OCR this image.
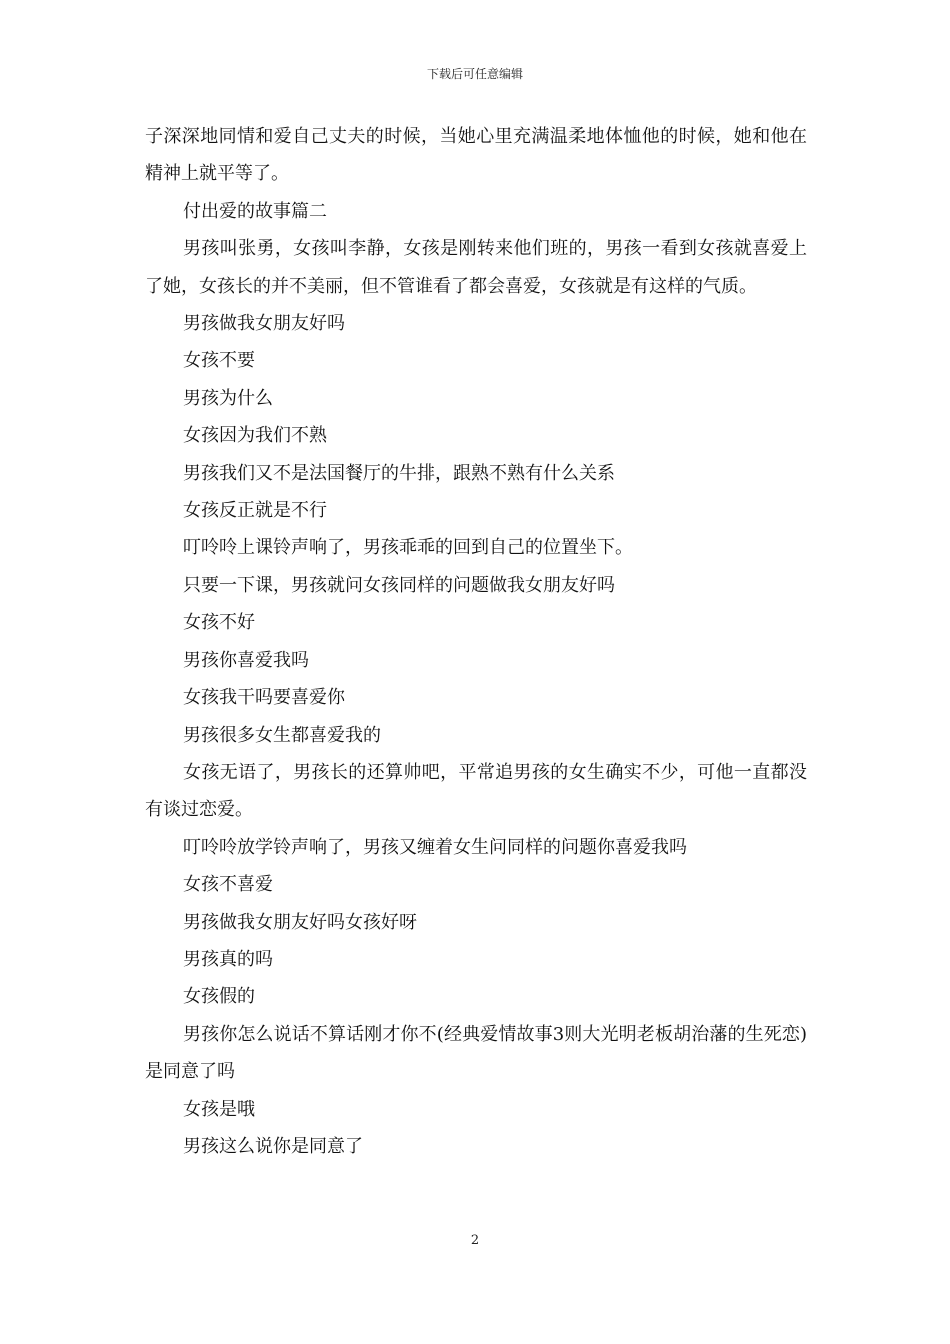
下载后可任意编辑

子深深地同情和爱自己丈夫的时候，当她心里充满温柔地体恤他的时候，她和他在精神上就平等了。

付出爱的故事篇二

男孩叫张勇，女孩叫李静，女孩是刚转来他们班的，男孩一看到女孩就喜爱上了她，女孩长的并不美丽，但不管谁看了都会喜爱，女孩就是有这样的气质。

男孩做我女朋友好吗

女孩不要

男孩为什么

女孩因为我们不熟

男孩我们又不是法国餐厅的牛排，跟熟不熟有什么关系

女孩反正就是不行

叮呤呤上课铃声响了，男孩乖乖的回到自己的位置坐下。

只要一下课，男孩就问女孩同样的问题做我女朋友好吗

女孩不好

男孩你喜爱我吗

女孩我干吗要喜爱你

男孩很多女生都喜爱我的

女孩无语了，男孩长的还算帅吧，平常追男孩的女生确实不少，可他一直都没有谈过恋爱。

叮呤呤放学铃声响了，男孩又缠着女生问同样的问题你喜爱我吗

女孩不喜爱

男孩做我女朋友好吗女孩好呀

男孩真的吗

女孩假的

男孩你怎么说话不算话刚才你不(经典爱情故事3则大光明老板胡治藩的生死恋)是同意了吗

女孩是哦

男孩这么说你是同意了

2
